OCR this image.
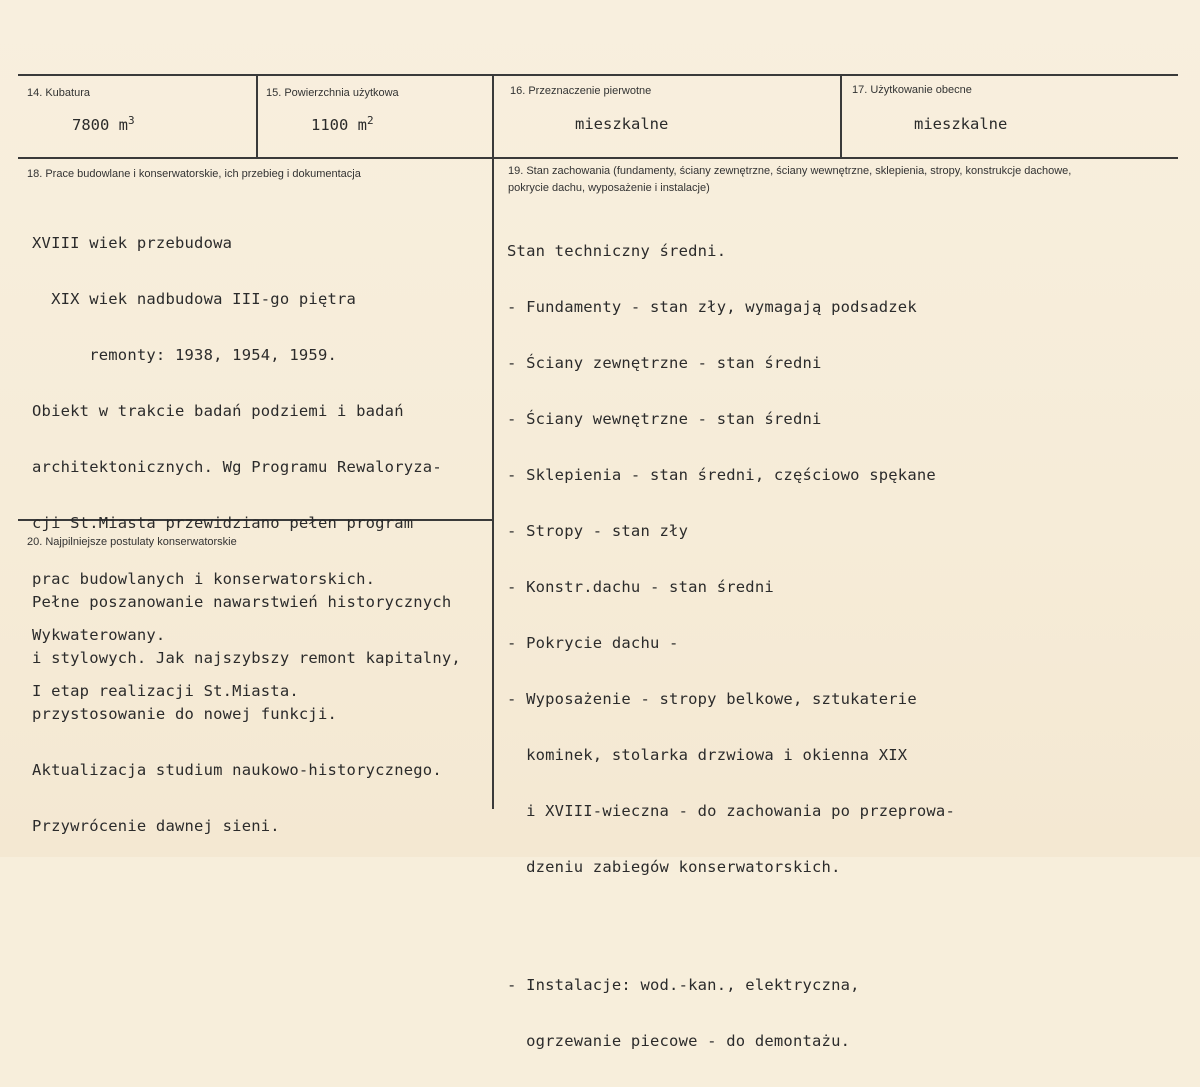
14. Kubatura
7800 $m^3$
15. Powierzchnia użytkowa
1100 $m^2$
16. Przeznaczenie pierwotne
mieszkalne
17. Użytkowanie obecne
mieszkalne
18. Prace budowlane i konserwatorskie, ich przebieg i dokumentacja

XVIII wiek przebudowa

XIX wiek nadbudowa III-go piętra

remonty: 1938, 1954, 1959.

Obiekt w trakcie badań podziemi i badań

architektonicznych. Wg Programu Rewaloryza-

cji St.Miasta przewidziano pełen program

prac budowlanych i konserwatorskich.

Wykwaterowany.

I etap realizacji St.Miasta.

19. Stan zachowania (fundamenty, ściany zewnętrzne, ściany wewnętrzne, sklepienia, stropy, konstrukcje dachowe, pokrycie dachu, wyposażenie i instalacje)

Stan techniczny średni.

- Fundamenty - stan zły, wymagają podsadzek

- Ściany zewnętrzne - stan średni

- Ściany wewnętrzne - stan średni

- Sklepienia - stan średni, częściowo spękane

- Stropy - stan zły

- Konstr.dachu - stan średni

- Pokrycie dachu -

- Wyposażenie - stropy belkowe, sztukaterie

kominek, stolarka drzwiowa i okienna XIX

i XVIII-wieczna - do zachowania po przeprowa-

dzeniu zabiegów konserwatorskich.

- Instalacje: wod.-kan., elektryczna,

ogrzewanie piecowe - do demontażu.

20. Najpilniejsze postulaty konserwatorskie

Pełne poszanowanie nawarstwień historycznych

i stylowych. Jak najszybszy remont kapitalny,

przystosowanie do nowej funkcji.

Aktualizacja studium naukowo-historycznego.

Przywrócenie dawnej sieni.
